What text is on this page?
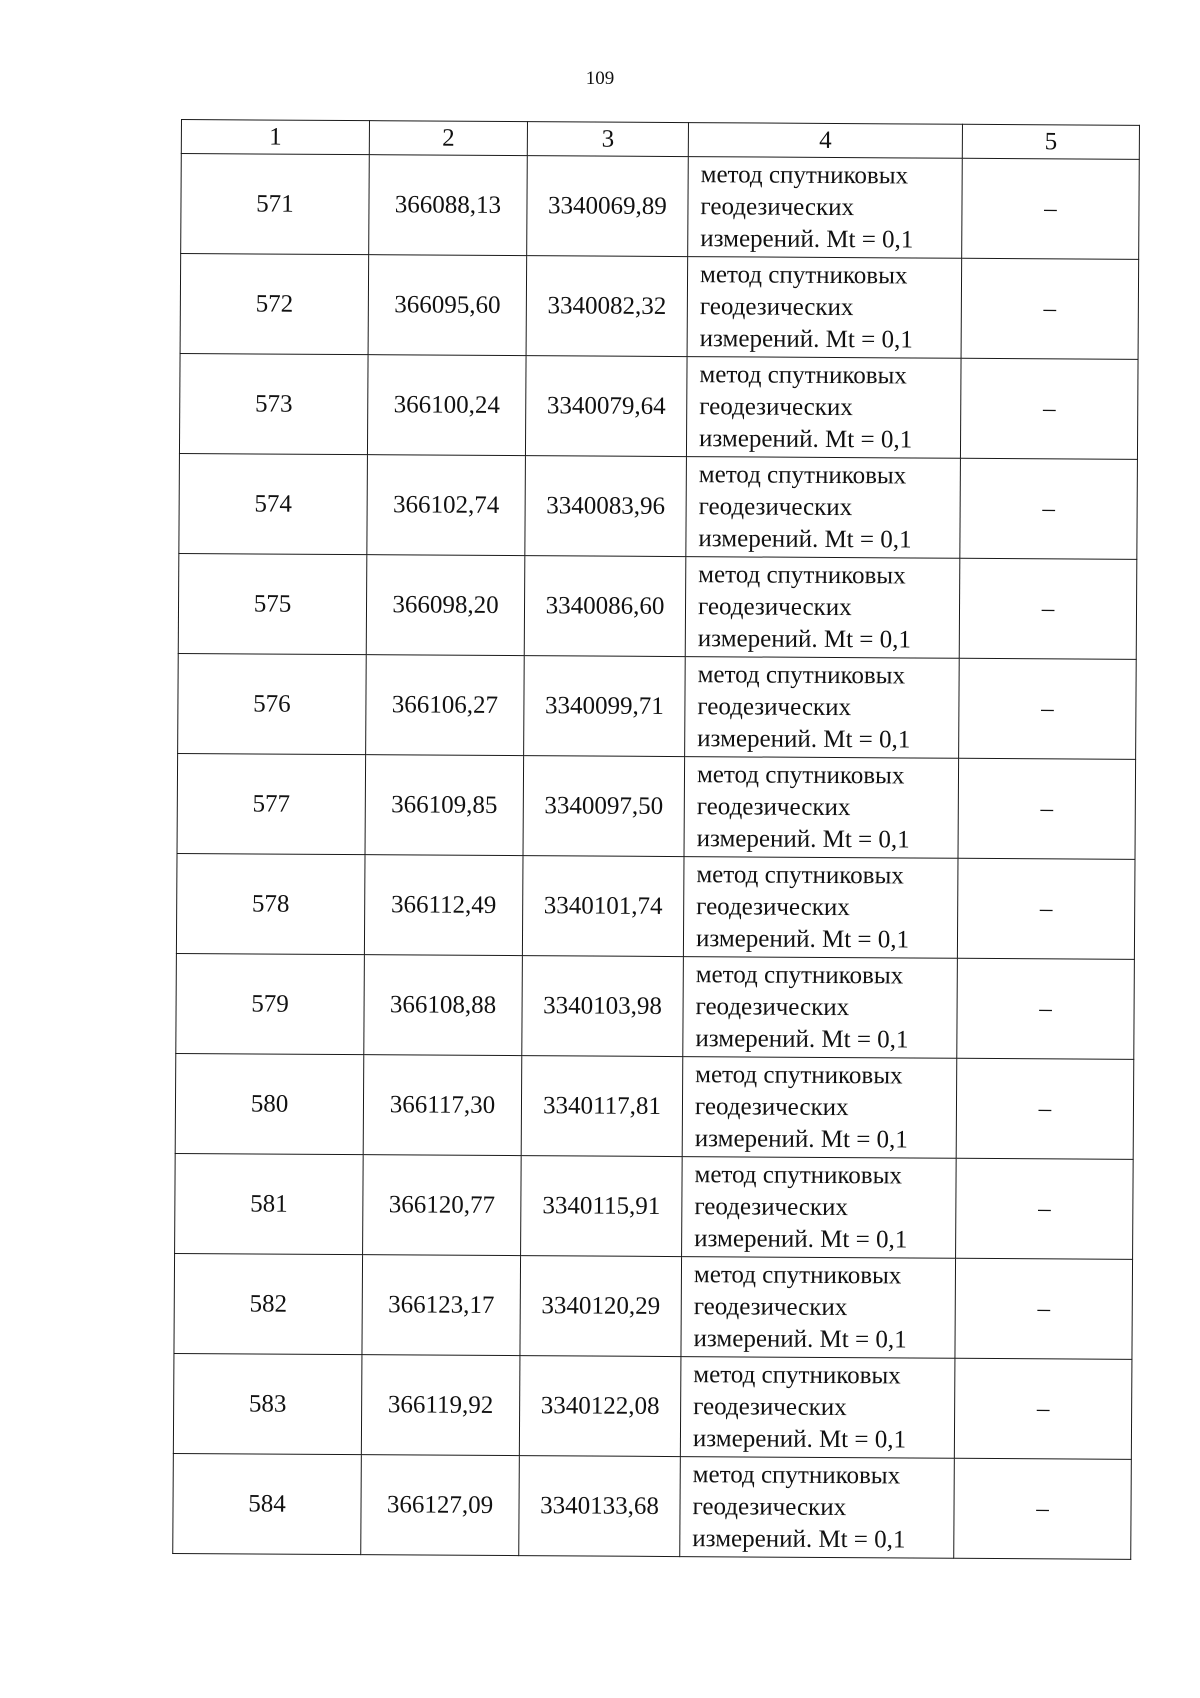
109
1	2	3	4	5
571	366088,13	3340069,89	метод спутниковых
геодезических
измерений. Mt = 0,1	–
572	366095,60	3340082,32	метод спутниковых
геодезических
измерений. Mt = 0,1	–
573	366100,24	3340079,64	метод спутниковых
геодезических
измерений. Mt = 0,1	–
574	366102,74	3340083,96	метод спутниковых
геодезических
измерений. Mt = 0,1	–
575	366098,20	3340086,60	метод спутниковых
геодезических
измерений. Mt = 0,1	–
576	366106,27	3340099,71	метод спутниковых
геодезических
измерений. Mt = 0,1	–
577	366109,85	3340097,50	метод спутниковых
геодезических
измерений. Mt = 0,1	–
578	366112,49	3340101,74	метод спутниковых
геодезических
измерений. Mt = 0,1	–
579	366108,88	3340103,98	метод спутниковых
геодезических
измерений. Mt = 0,1	–
580	366117,30	3340117,81	метод спутниковых
геодезических
измерений. Mt = 0,1	–
581	366120,77	3340115,91	метод спутниковых
геодезических
измерений. Mt = 0,1	–
582	366123,17	3340120,29	метод спутниковых
геодезических
измерений. Mt = 0,1	–
583	366119,92	3340122,08	метод спутниковых
геодезических
измерений. Mt = 0,1	–
584	366127,09	3340133,68	метод спутниковых
геодезических
измерений. Mt = 0,1	–
